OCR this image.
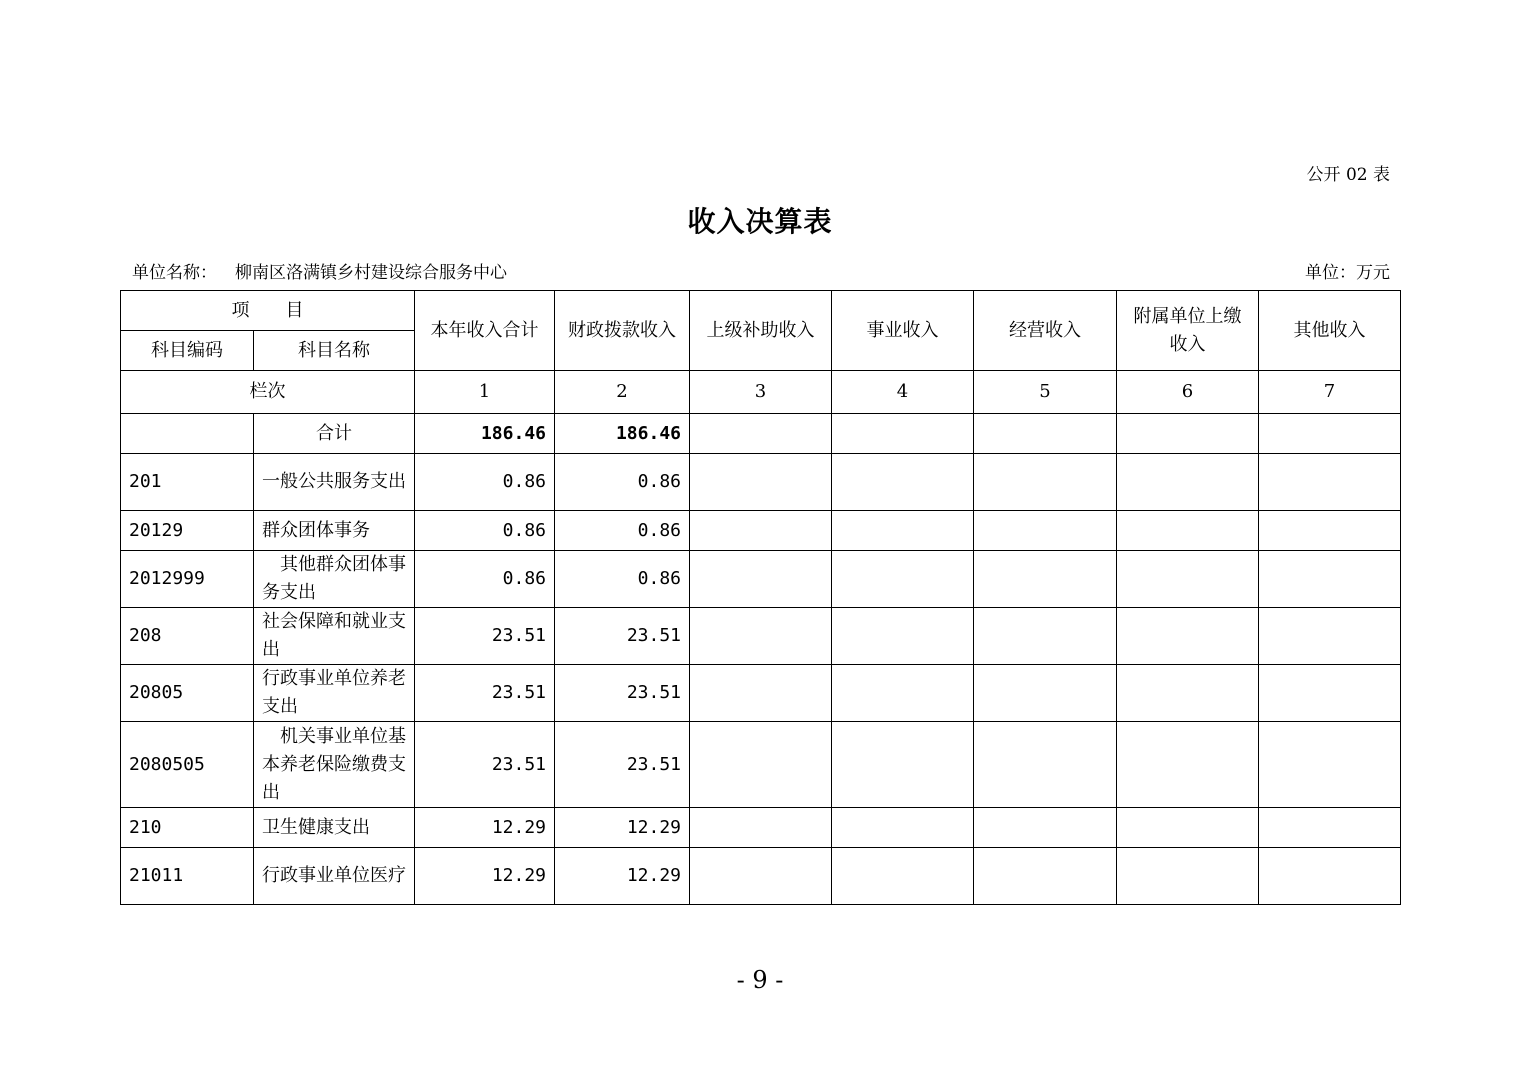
公开 02 表
收入决算表
单位名称： 柳南区洛满镇乡村建设综合服务中心	单位：万元
项　　目		本年收入合计	财政拨款收入	上级补助收入	事业收入	经营收入	附属单位上缴收入	其他收入
科目编码	科目名称							
栏次		1	2	3	4	5	6	7
	合计	186.46	186.46					
201	一般公共服务支出	0.86	0.86					
20129	群众团体事务	0.86	0.86					
2012999	其他群众团体事务支出	0.86	0.86					
208	社会保障和就业支出	23.51	23.51					
20805	行政事业单位养老支出	23.51	23.51					
2080505	机关事业单位基本养老保险缴费支出	23.51	23.51					
210	卫生健康支出	12.29	12.29					
21011	行政事业单位医疗	12.29	12.29					
- 9 -
